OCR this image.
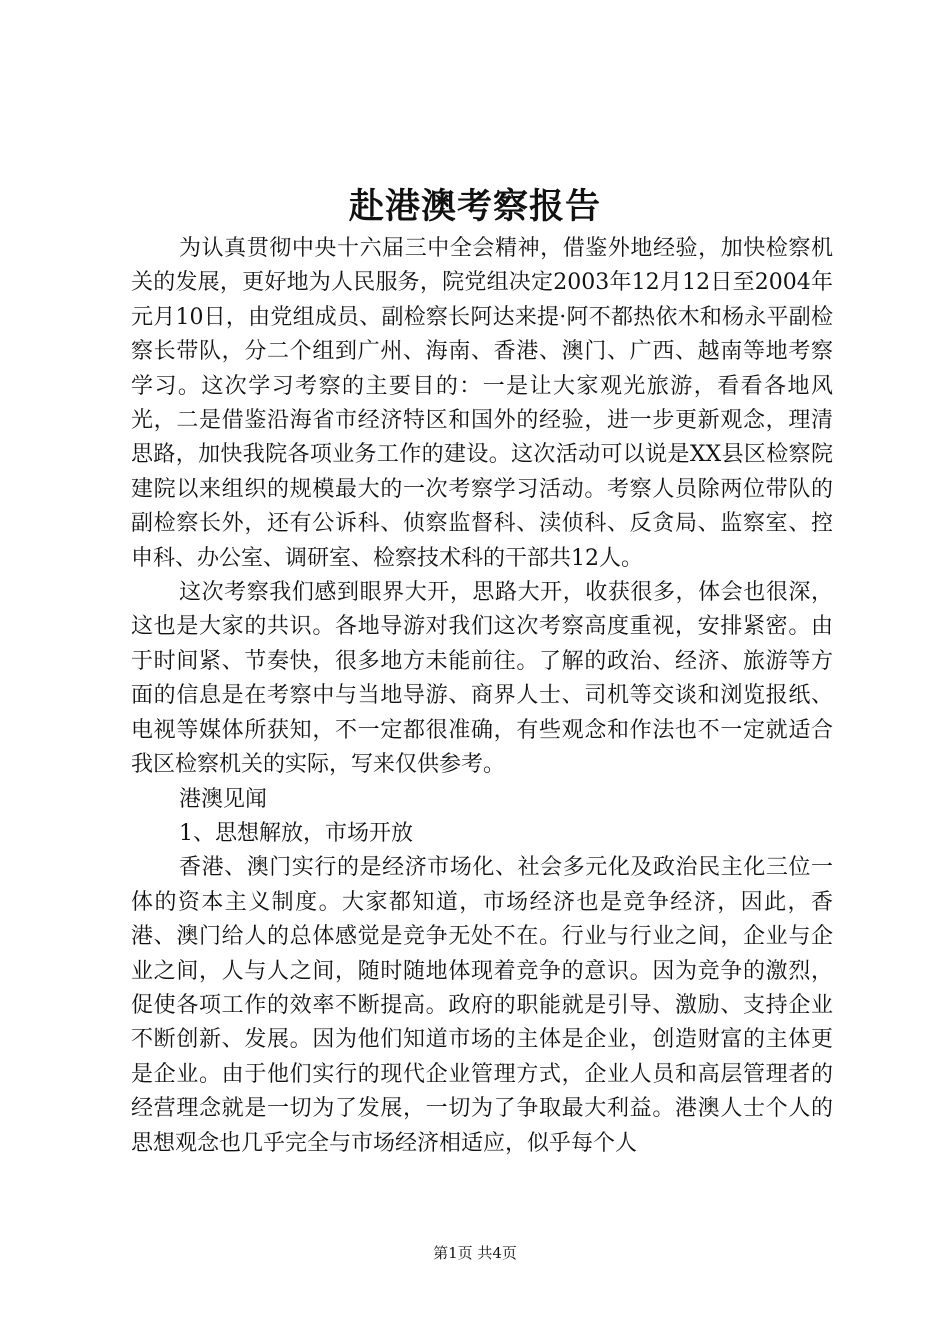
赴港澳考察报告

为认真贯彻中央十六届三中全会精神，借鉴外地经验，加快检察机关的发展，更好地为人民服务，院党组决定2003年12月12日至2004年元月10日，由党组成员、副检察长阿达来提·阿不都热依木和杨永平副检察长带队，分二个组到广州、海南、香港、澳门、广西、越南等地考察学习。这次学习考察的主要目的：一是让大家观光旅游，看看各地风光，二是借鉴沿海省市经济特区和国外的经验，进一步更新观念，理清思路，加快我院各项业务工作的建设。这次活动可以说是XX县区检察院建院以来组织的规模最大的一次考察学习活动。考察人员除两位带队的副检察长外，还有公诉科、侦察监督科、渎侦科、反贪局、监察室、控申科、办公室、调研室、检察技术科的干部共12人。

这次考察我们感到眼界大开，思路大开，收获很多，体会也很深，这也是大家的共识。各地导游对我们这次考察高度重视，安排紧密。由于时间紧、节奏快，很多地方未能前往。了解的政治、经济、旅游等方面的信息是在考察中与当地导游、商界人士、司机等交谈和浏览报纸、电视等媒体所获知，不一定都很准确，有些观念和作法也不一定就适合我区检察机关的实际，写来仅供参考。

港澳见闻

1、思想解放，市场开放

香港、澳门实行的是经济市场化、社会多元化及政治民主化三位一体的资本主义制度。大家都知道，市场经济也是竞争经济，因此，香港、澳门给人的总体感觉是竞争无处不在。行业与行业之间，企业与企业之间，人与人之间，随时随地体现着竞争的意识。因为竞争的激烈，促使各项工作的效率不断提高。政府的职能就是引导、激励、支持企业不断创新、发展。因为他们知道市场的主体是企业，创造财富的主体更是企业。由于他们实行的现代企业管理方式，企业人员和高层管理者的经营理念就是一切为了发展，一切为了争取最大利益。港澳人士个人的思想观念也几乎完全与市场经济相适应，似乎每个人

第1页 共4页
